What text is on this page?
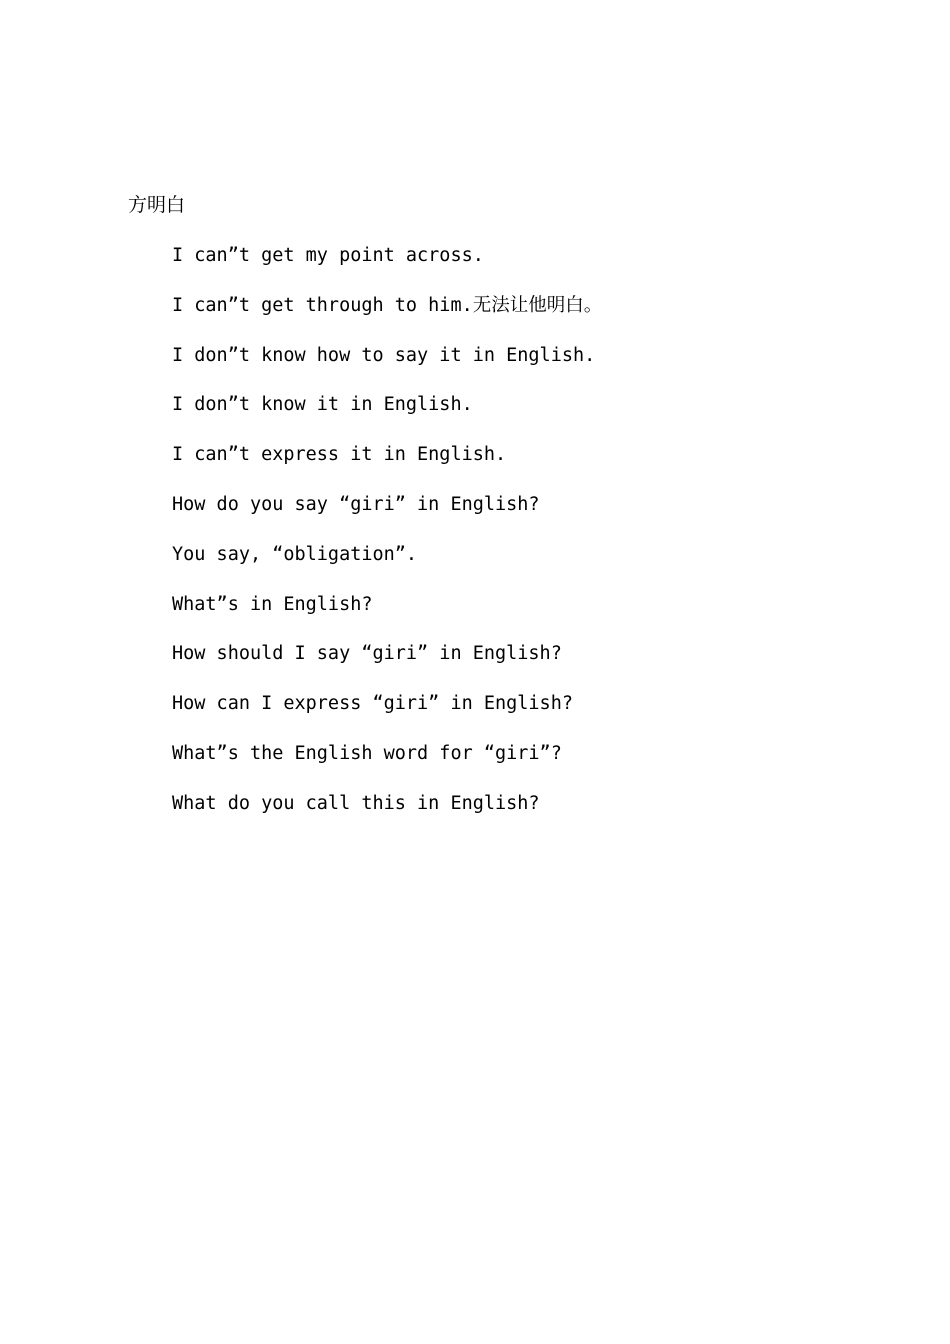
方明白
I can”t get my point across.
I can”t get through to him.无法让他明白。
I don”t know how to say it in English.
I don”t know it in English.
I can”t express it in English.
How do you say “giri” in English?
You say, “obligation”.
What”s in English?
How should I say “giri” in English?
How can I express “giri” in English?
What”s the English word for “giri”?
What do you call this in English?
